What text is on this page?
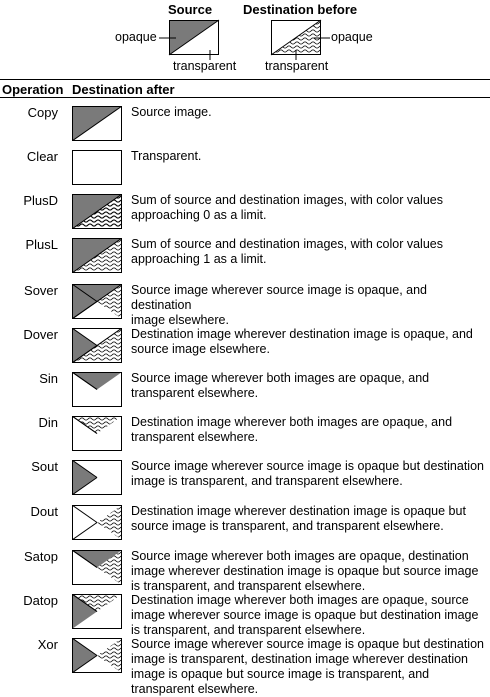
Source Destination before
opaque
transparent
opaque
transparent
Operation Destination after
Copy	Source image.
Clear	Transparent.
PlusD	Sum of source and destination images, with color values
approaching 0 as a limit.
PlusL	Sum of source and destination images, with color values
approaching 1 as a limit.
Sover	Source image wherever source image is opaque, and destination
image elsewhere.
Dover	Destination image wherever destination image is opaque, and
source image elsewhere.
Sin	Source image wherever both images are opaque, and
transparent elsewhere.
Din	Destination image wherever both images are opaque, and
transparent elsewhere.
Sout	Source image wherever source image is opaque but destination
image is transparent, and transparent elsewhere.
Dout	Destination image wherever destination image is opaque but
source image is transparent, and transparent elsewhere.
Satop	Source image wherever both images are opaque, destination
image wherever destination image is opaque but source image
is transparent, and transparent elsewhere.
Datop	Destination image wherever both images are opaque, source
image wherever source image is opaque but destination image
is transparent, and transparent elsewhere.
Xor	Source image wherever source image is opaque but destination
image is transparent, destination image wherever destination
image is opaque but source image is transparent, and
transparent elsewhere.
